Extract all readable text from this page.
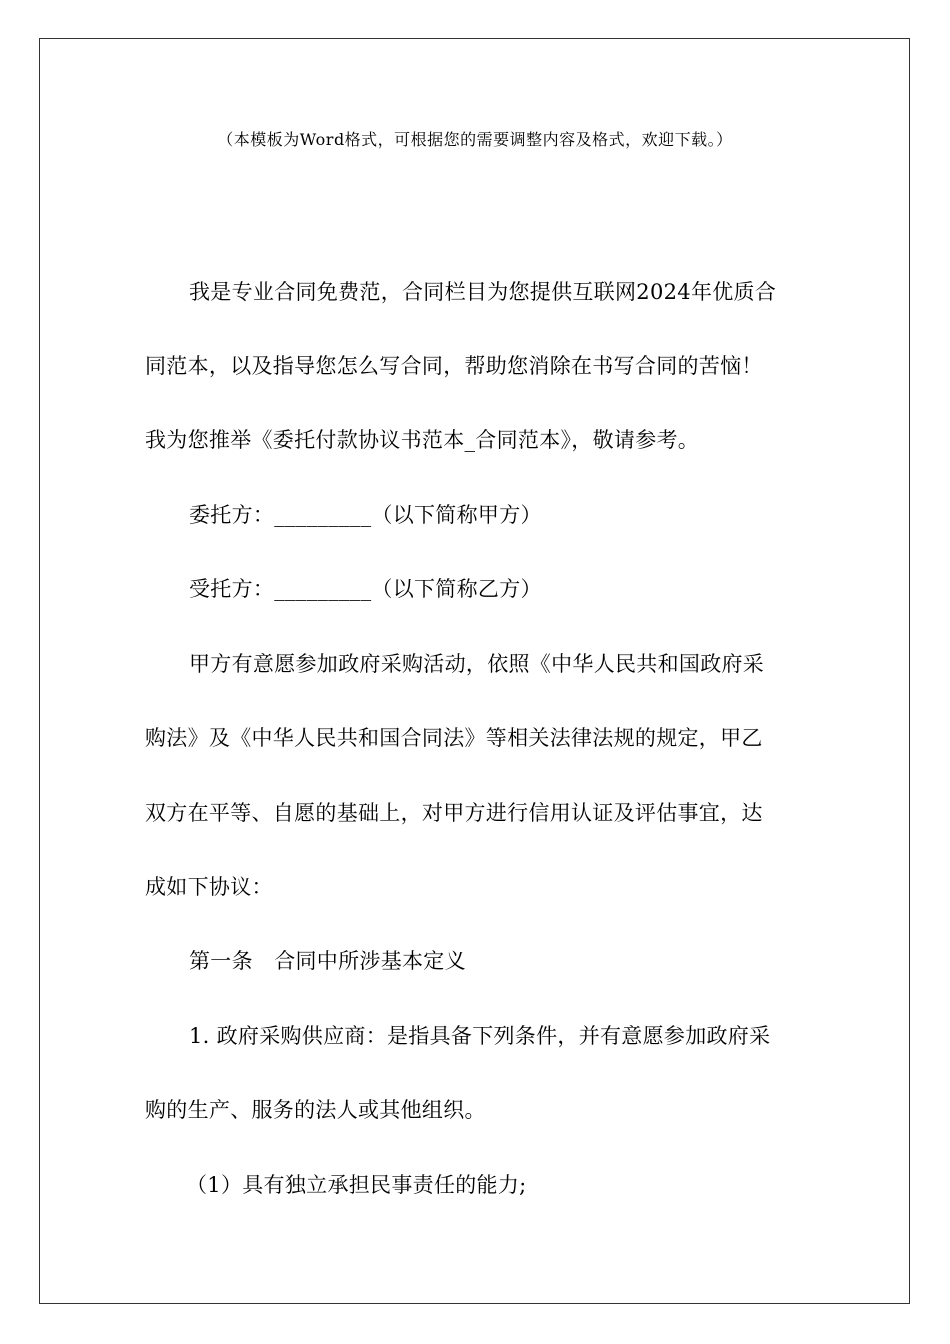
（本模板为Word格式，可根据您的需要调整内容及格式，欢迎下载。）
我是专业合同免费范，合同栏目为您提供互联网2024年优质合
同范本，以及指导您怎么写合同，帮助您消除在书写合同的苦恼！
我为您推举《委托付款协议书范本_合同范本》，敬请参考。
委托方：_________（以下简称甲方）
受托方：_________（以下简称乙方）
甲方有意愿参加政府采购活动，依照《中华人民共和国政府采
购法》及《中华人民共和国合同法》等相关法律法规的规定，甲乙
双方在平等、自愿的基础上，对甲方进行信用认证及评估事宜，达
成如下协议：
第一条　合同中所涉基本定义
1. 政府采购供应商：是指具备下列条件，并有意愿参加政府采
购的生产、服务的法人或其他组织。
（1）具有独立承担民事责任的能力;
